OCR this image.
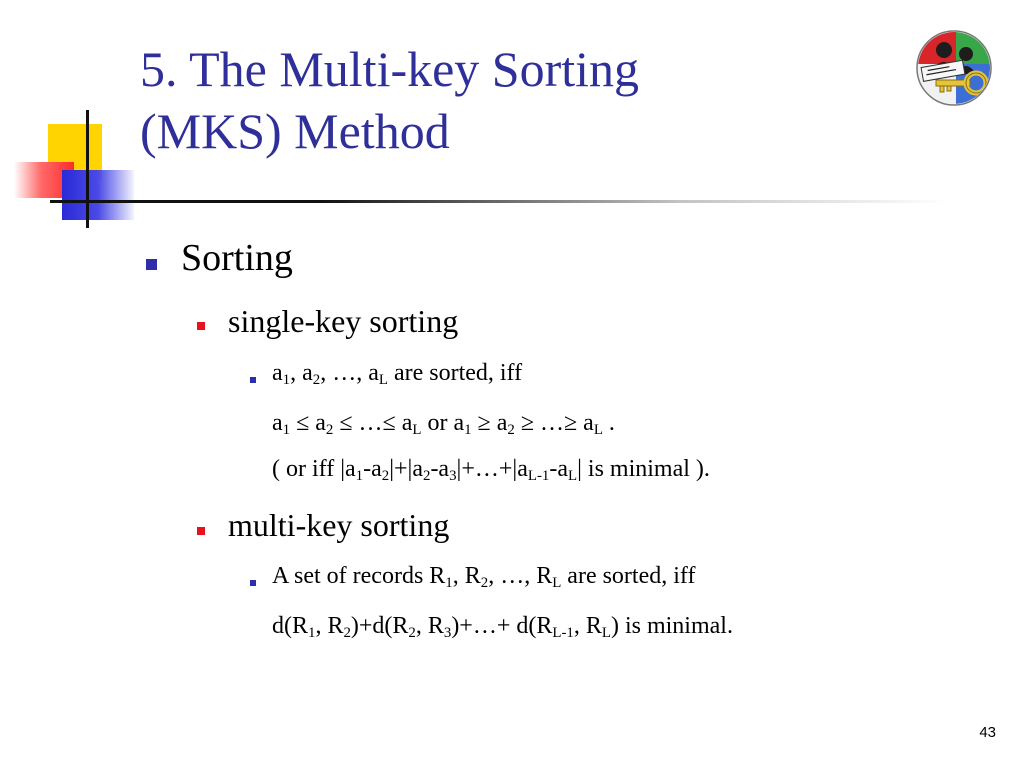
5. The Multi-key Sorting
(MKS) Method
Sorting
single-key sorting
$a_1$, $a_2$, …, $a_L$ are sorted, iff
$a_1 \le a_2$ ≤ …≤ $a_L$ or $a_1 \ge a_2$ ≥ …≥ $a_L$ .
( or iff $|a_1-a_2|+|a_2-a_3|+\dots+|a_{L-1}-a_L|$ is minimal ).
multi-key sorting
A set of records $R_1$, $R_2$, …, $R_L$ are sorted, iff
$d(R_1$, $R_2)+d(R_2$, $R_3)+\dots+ d(R_{L-1}$, $R_L$) is minimal.
43
